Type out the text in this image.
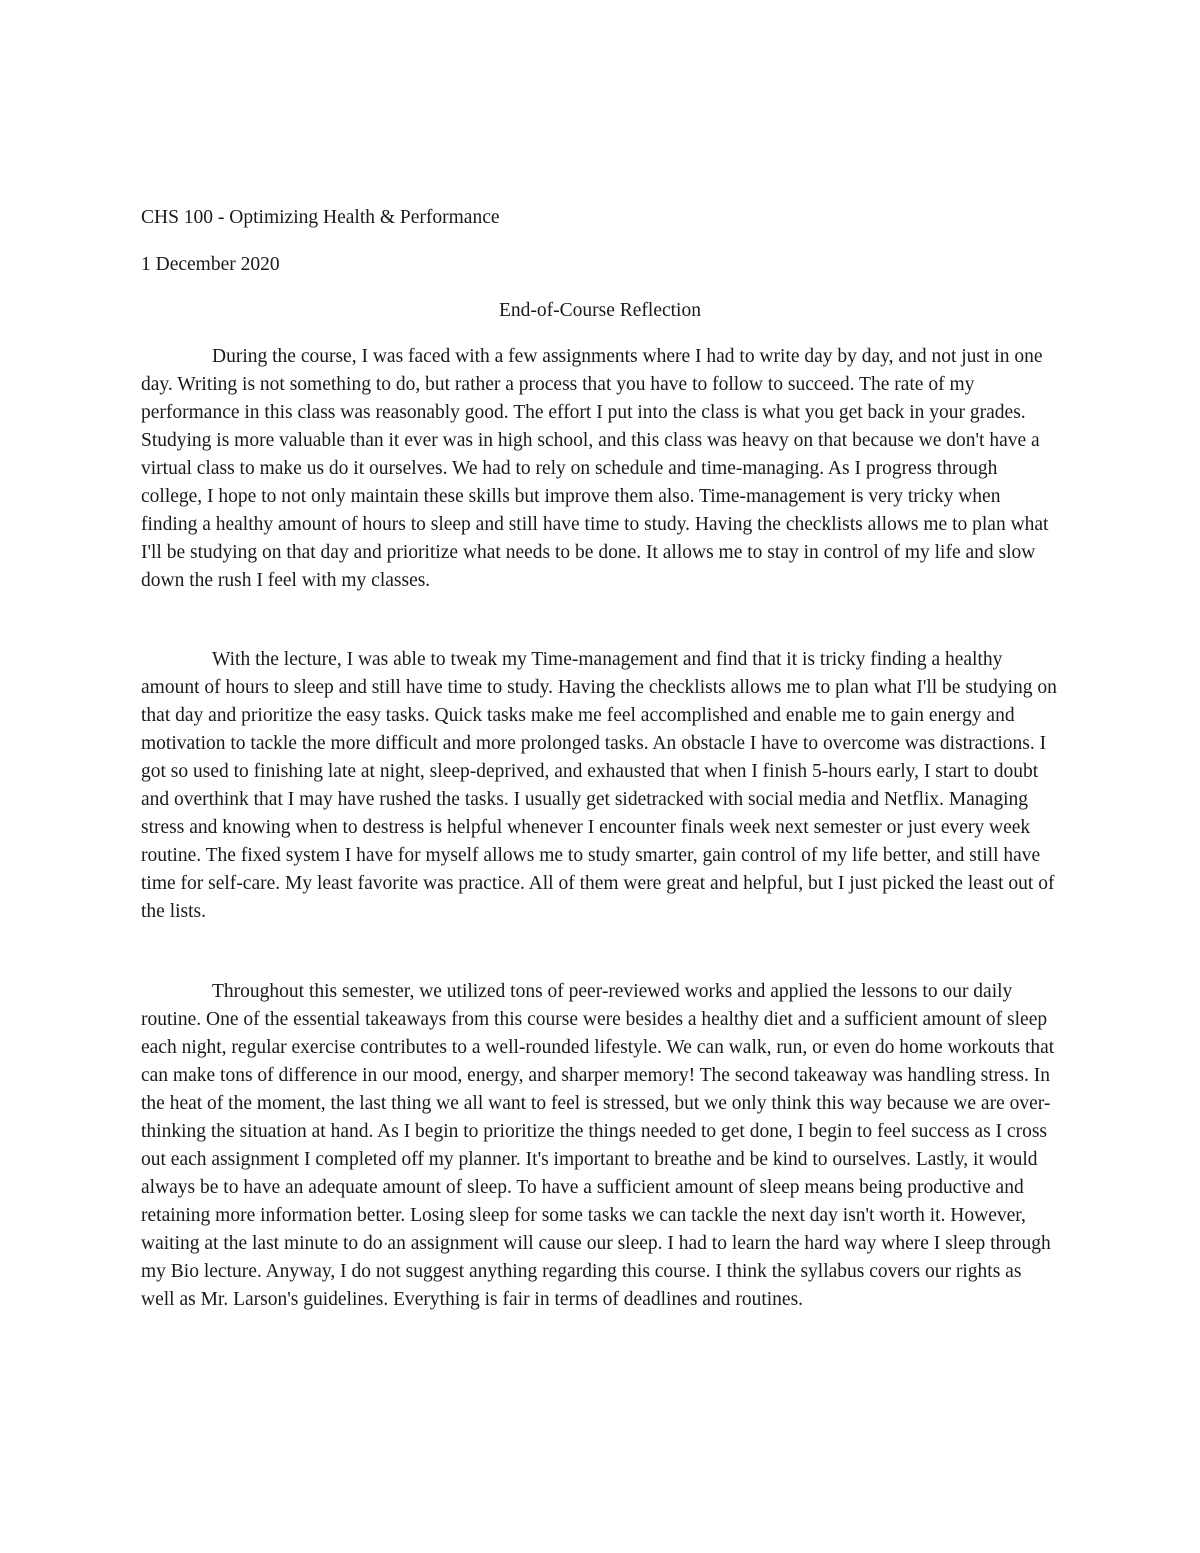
CHS 100 - Optimizing Health & Performance

1 December 2020

End-of-Course Reflection

During the course, I was faced with a few assignments where I had to write day by day, and not just in one day. Writing is not something to do, but rather a process that you have to follow to succeed. The rate of my performance in this class was reasonably good. The effort I put into the class is what you get back in your grades. Studying is more valuable than it ever was in high school, and this class was heavy on that because we don't have a virtual class to make us do it ourselves. We had to rely on schedule and time-managing. As I progress through college, I hope to not only maintain these skills but improve them also. Time-management is very tricky when finding a healthy amount of hours to sleep and still have time to study. Having the checklists allows me to plan what I'll be studying on that day and prioritize what needs to be done. It allows me to stay in control of my life and slow down the rush I feel with my classes.

With the lecture, I was able to tweak my Time-management and find that it is tricky finding a healthy amount of hours to sleep and still have time to study. Having the checklists allows me to plan what I'll be studying on that day and prioritize the easy tasks. Quick tasks make me feel accomplished and enable me to gain energy and motivation to tackle the more difficult and more prolonged tasks. An obstacle I have to overcome was distractions. I got so used to finishing late at night, sleep-deprived, and exhausted that when I finish 5-hours early, I start to doubt and overthink that I may have rushed the tasks. I usually get sidetracked with social media and Netflix. Managing stress and knowing when to destress is helpful whenever I encounter finals week next semester or just every week routine. The fixed system I have for myself allows me to study smarter, gain control of my life better, and still have time for self-care. My least favorite was practice. All of them were great and helpful, but I just picked the least out of the lists.

Throughout this semester, we utilized tons of peer-reviewed works and applied the lessons to our daily routine. One of the essential takeaways from this course were besides a healthy diet and a sufficient amount of sleep each night, regular exercise contributes to a well-rounded lifestyle. We can walk, run, or even do home workouts that can make tons of difference in our mood, energy, and sharper memory! The second takeaway was handling stress. In the heat of the moment, the last thing we all want to feel is stressed, but we only think this way because we are over-thinking the situation at hand. As I begin to prioritize the things needed to get done, I begin to feel success as I cross out each assignment I completed off my planner. It's important to breathe and be kind to ourselves. Lastly, it would always be to have an adequate amount of sleep. To have a sufficient amount of sleep means being productive and retaining more information better. Losing sleep for some tasks we can tackle the next day isn't worth it. However, waiting at the last minute to do an assignment will cause our sleep. I had to learn the hard way where I sleep through my Bio lecture. Anyway, I do not suggest anything regarding this course. I think the syllabus covers our rights as well as Mr. Larson's guidelines. Everything is fair in terms of deadlines and routines.
